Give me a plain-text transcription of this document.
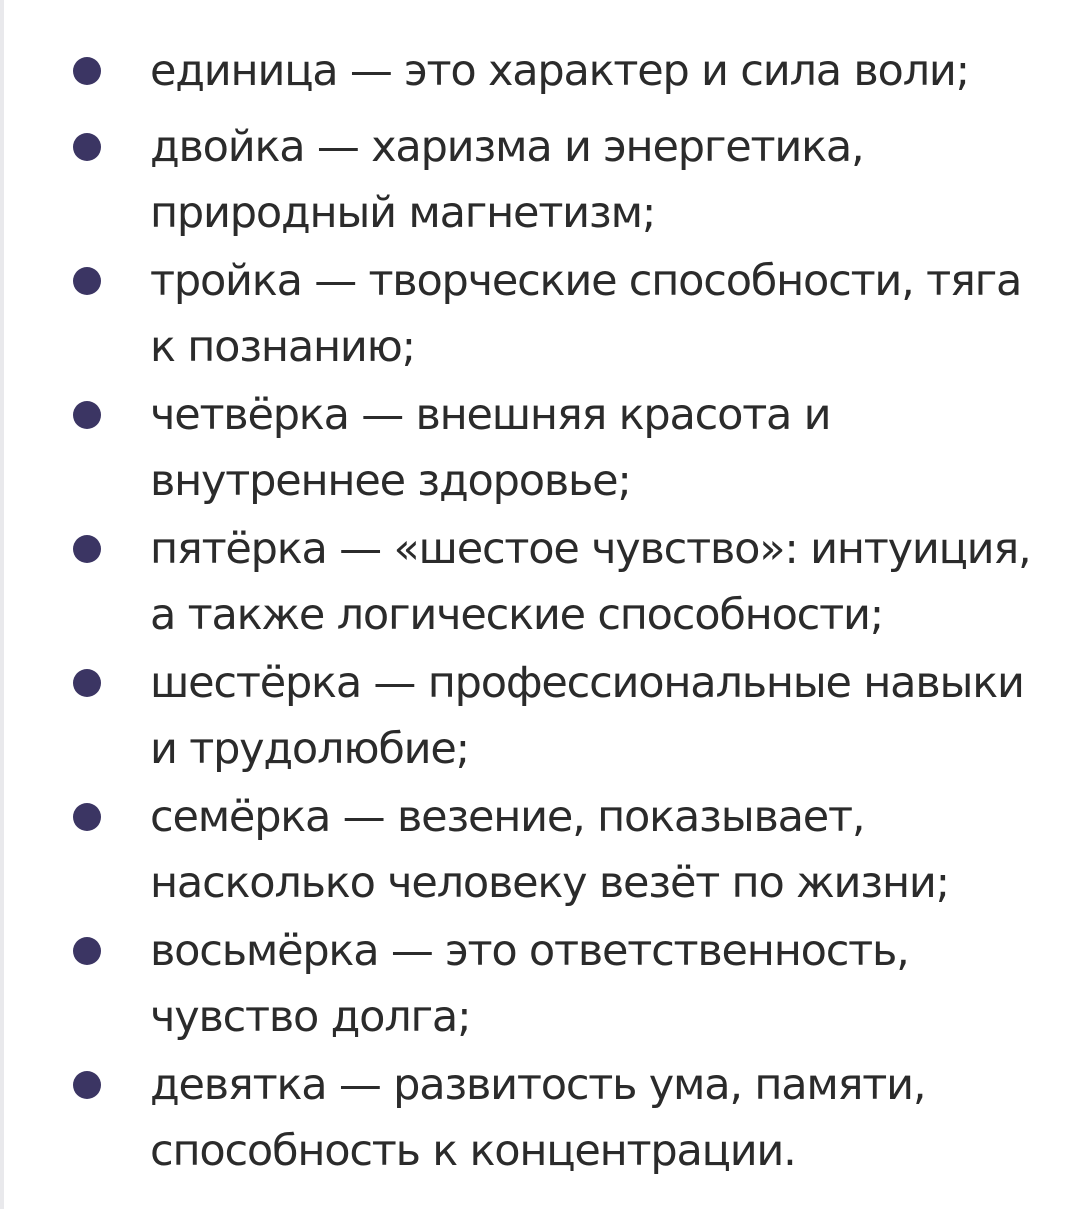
единица — это характер и сила воли;
двойка — харизма и энергетика,
природный магнетизм;
тройка — творческие способности, тяга
к познанию;
четвёрка — внешняя красота и
внутреннее здоровье;
пятёрка — «шестое чувство»: интуиция,
а также логические способности;
шестёрка — профессиональные навыки
и трудолюбие;
семёрка — везение, показывает,
насколько человеку везёт по жизни;
восьмёрка — это ответственность,
чувство долга;
девятка — развитость ума, памяти,
способность к концентрации.
